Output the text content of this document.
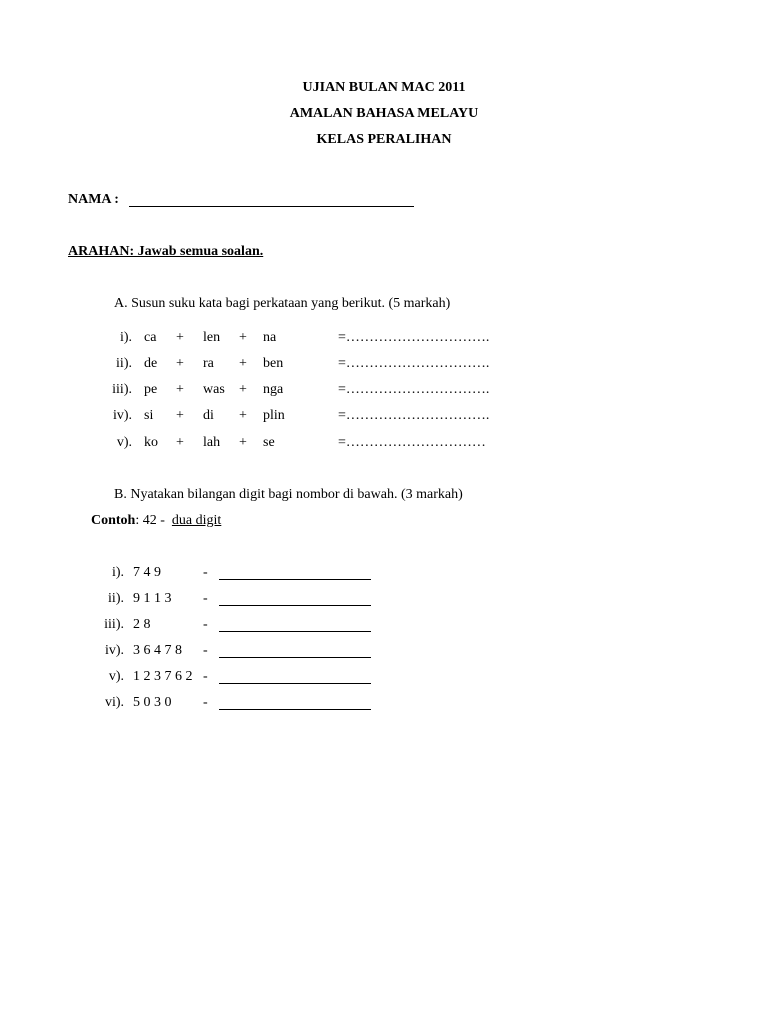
UJIAN BULAN MAC 2011
AMALAN BAHASA MELAYU
KELAS PERALIHAN
NAMA :
ARAHAN: Jawab semua soalan.
A. Susun suku kata bagi perkataan yang berikut. (5 markah)
i). ca + len + na	=………………………….
ii). de + ra + ben	=………………………….
iii). pe + was + nga	=………………………….
iv). si + di + plin	=………………………….
v). ko + lah + se	=…………………………
B. Nyatakan bilangan digit bagi nombor di bawah. (3 markah)
Contoh: 42 - dua digit
i). 7 4 9	-
ii). 9 1 1 3 -
iii). 2 8	-
iv). 3 6 4 7 8 -
v). 1 2 3 7 6 2 -
vi). 5 0 3 0 -
